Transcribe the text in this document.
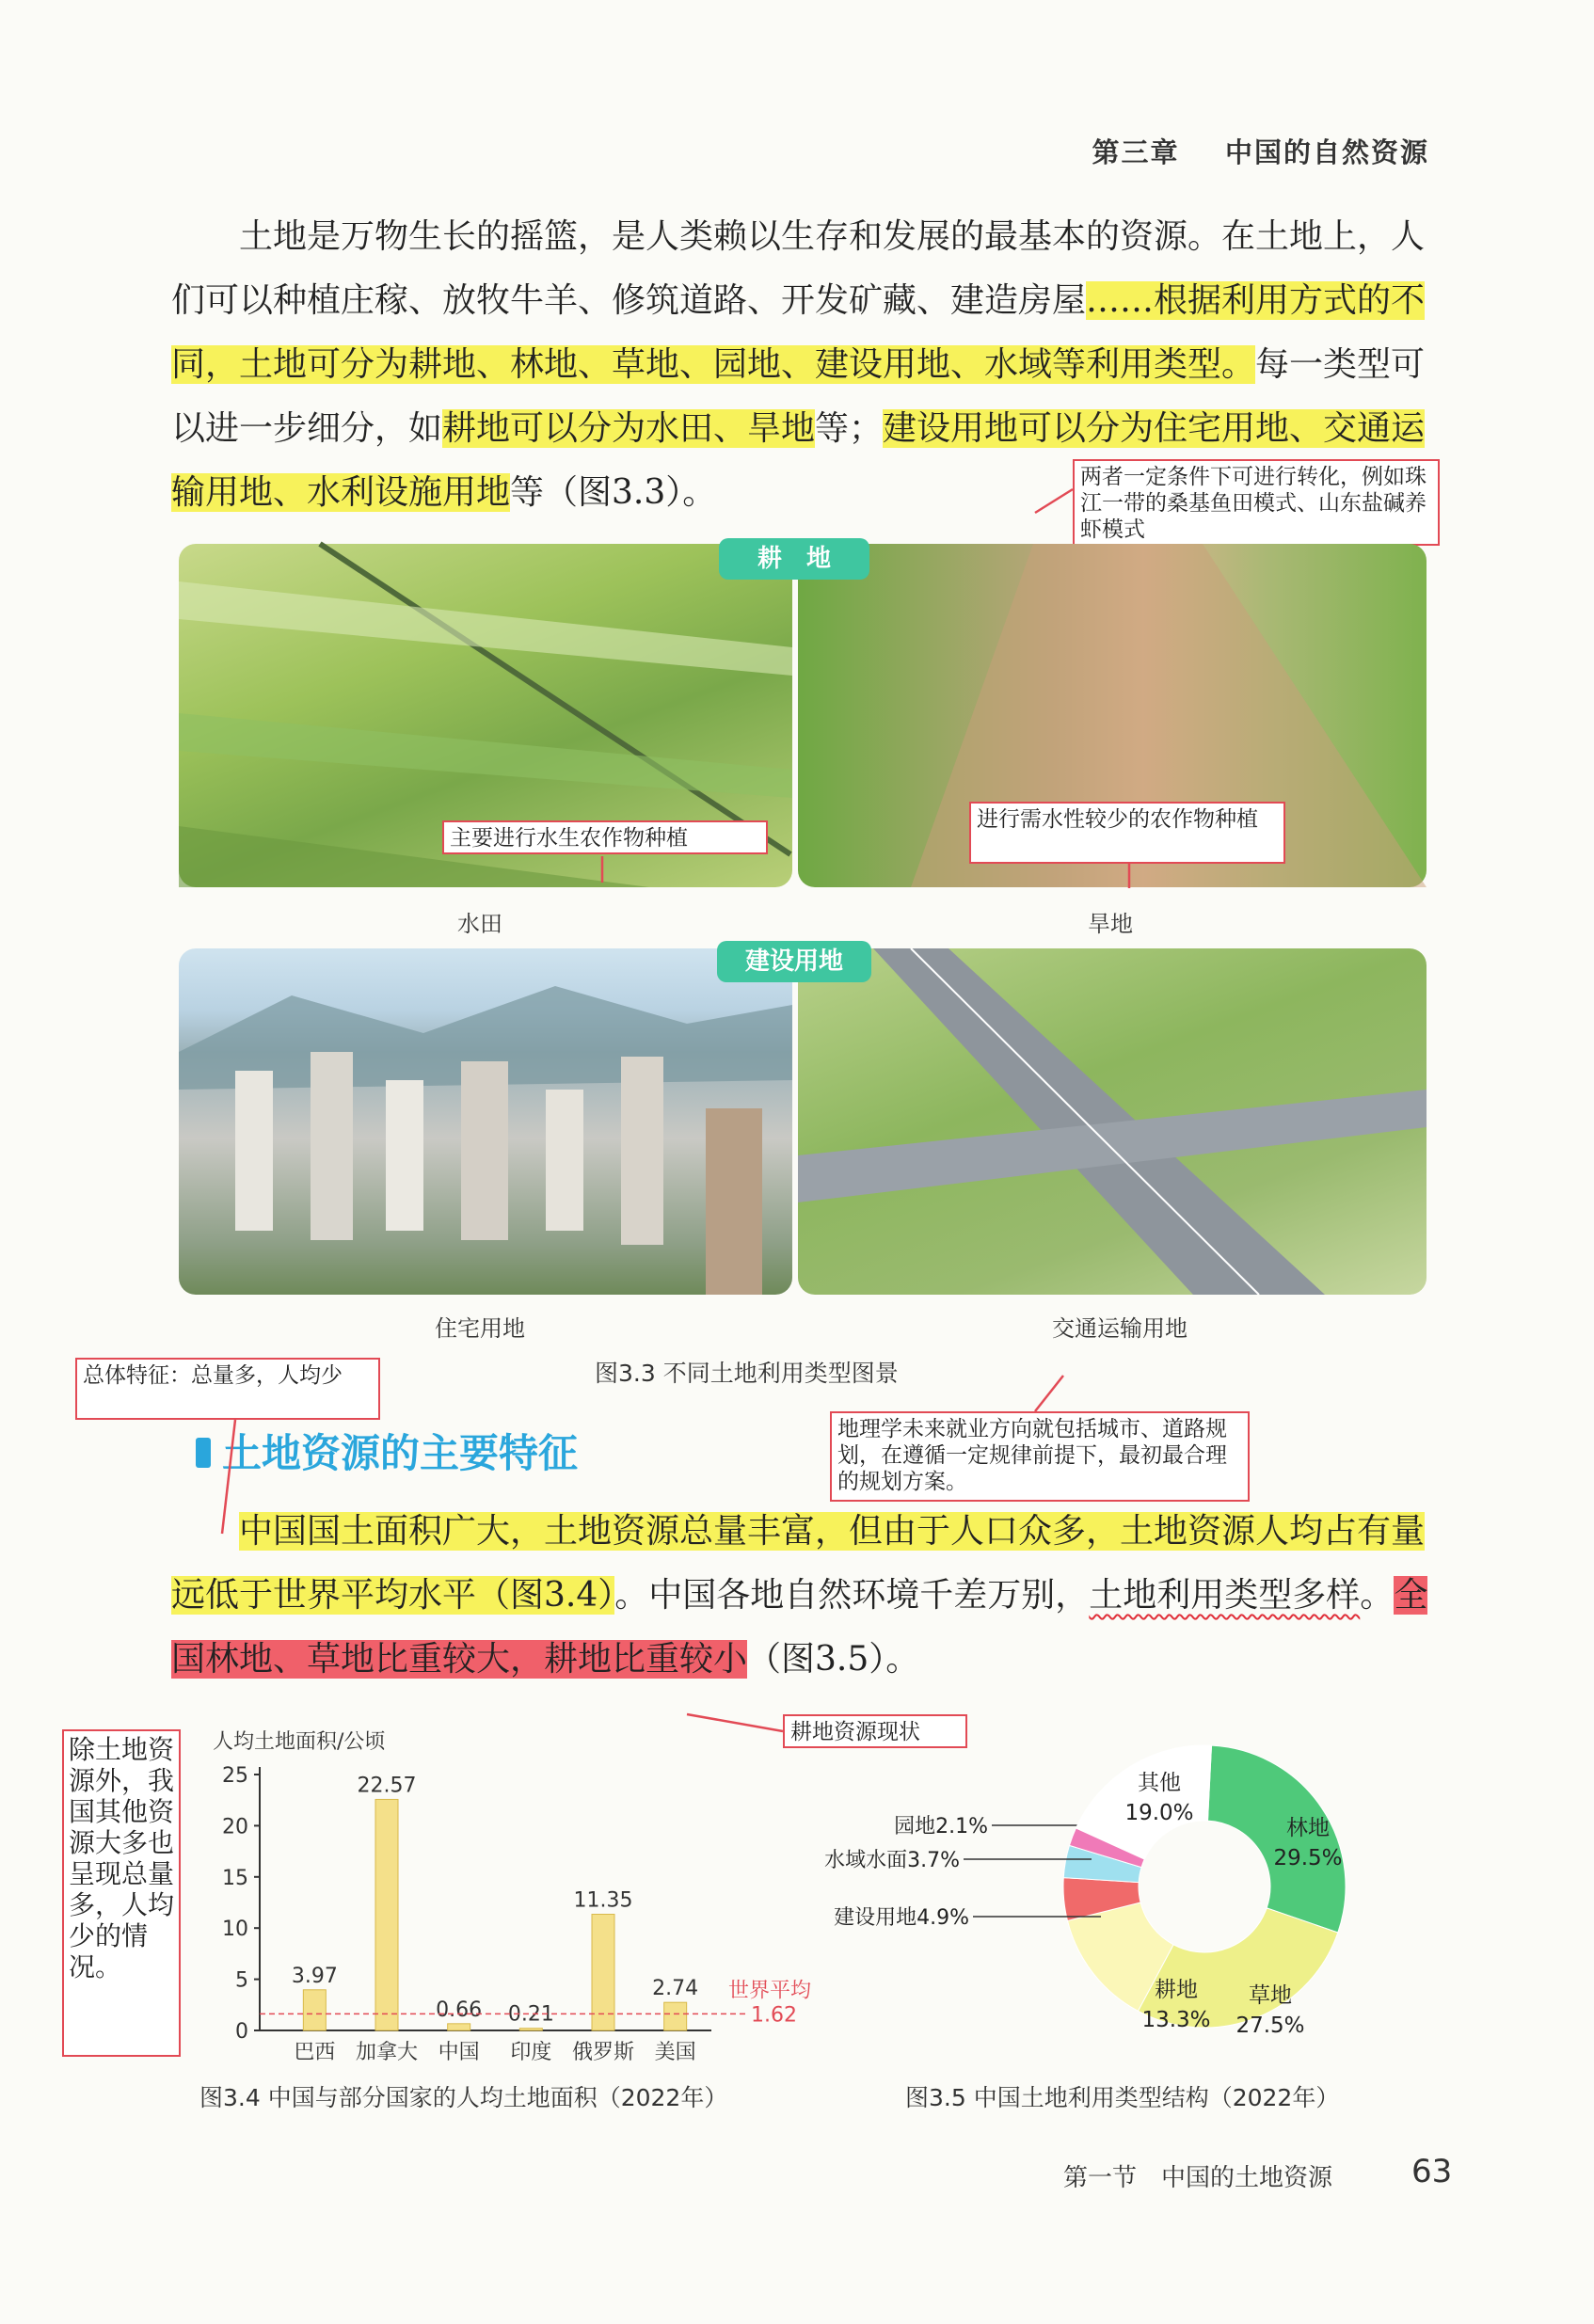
第三章 中国的自然资源
土地是万物生长的摇篮，是人类赖以生存和发展的最基本的资源。在土地上，人们可以种植庄稼、放牧牛羊、修筑道路、开发矿藏、建造房屋……根据利用方式的不同，土地可分为耕地、林地、草地、园地、建设用地、水域等利用类型。每一类型可以进一步细分，如耕地可以分为水田、旱地等；建设用地可以分为住宅用地、交通运输用地、水利设施用地等（图3.3）。	两者一定条件下可进行转化，例如珠江一带的桑基鱼田模式、山东盐碱养虾模式
耕　地
主要进行水生农作物种植
进行需水性较少的农作物种植
水田	旱地
建设用地
住宅用地	交通运输用地
图3.3 不同土地利用类型图景
总体特征：总量多，人均少
地理学未来就业方向就包括城市、道路规划，在遵循一定规律前提下，最初最合理的规划方案。
土地资源的主要特征
中国国土面积广大，土地资源总量丰富，但由于人口众多，土地资源人均占有量远低于世界平均水平（图3.4）。中国各地自然环境千差万别，土地利用类型多样。全国林地、草地比重较大，耕地比重较小（图3.5）。
耕地资源现状
除土地资源外，我国其他资源大多也呈现总量多，人均少的情况。
人均土地面积/公顷
0
5
10
15
20
25
3.97
巴西
22.57
加拿大
0.66
中国
0.21
印度
11.35
俄罗斯
2.74
美国
世界平均
1.62
图3.4 中国与部分国家的人均土地面积（2022年）
林地
29.5%
草地
27.5%
耕地
13.3%
建设用地4.9%
水域水面3.7%
园地2.1%
其他
19.0%
图3.5 中国土地利用类型结构（2022年）
第一节　中国的土地资源 63
